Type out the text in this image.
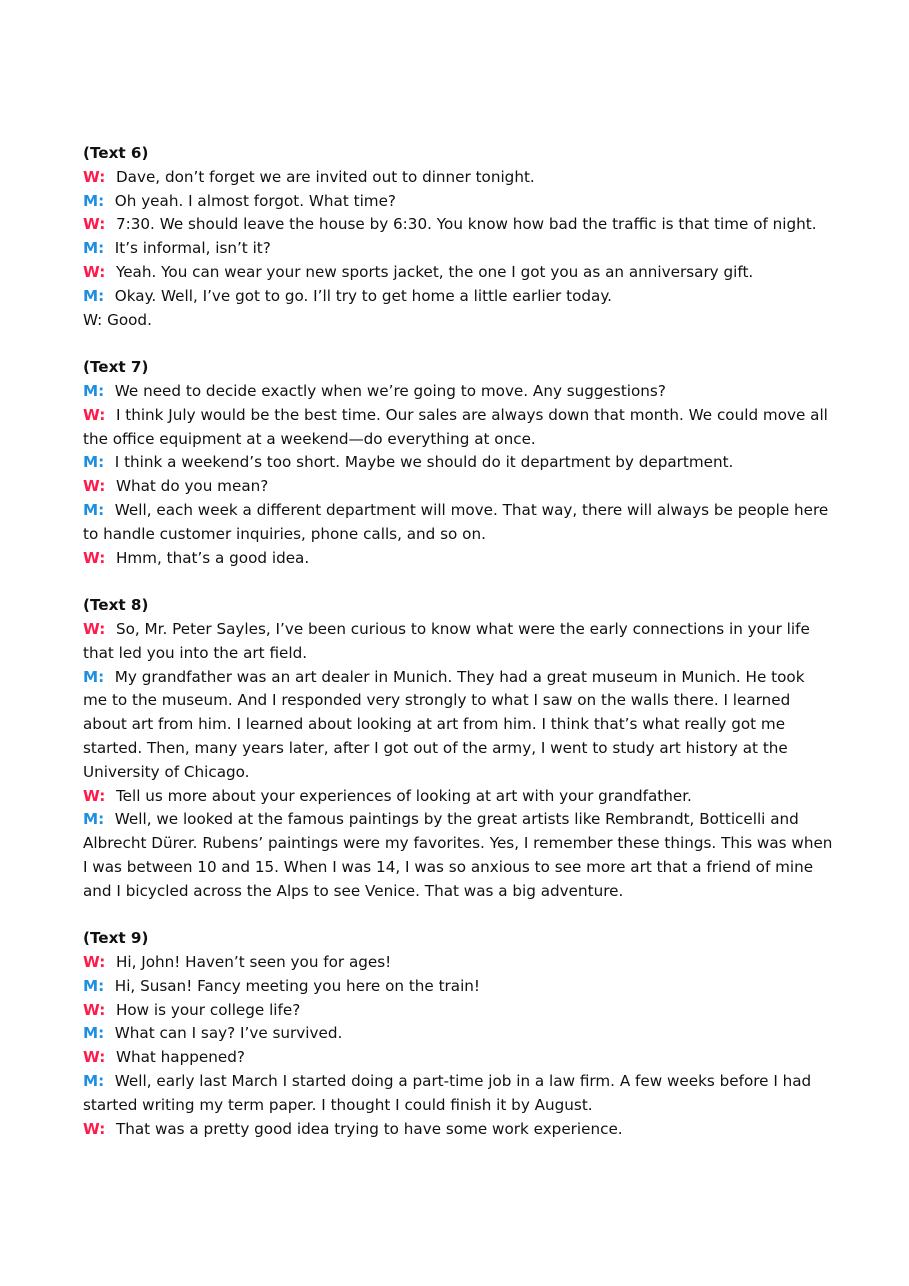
(Text 6)

W:  Dave, don’t forget we are invited out to dinner tonight.

M:  Oh yeah. I almost forgot. What time?

W:  7:30. We should leave the house by 6:30. You know how bad the traffic is that time of night.

M:  It’s informal, isn’t it?

W:  Yeah. You can wear your new sports jacket, the one I got you as an anniversary gift.

M:  Okay. Well, I’ve got to go. I’ll try to get home a little earlier today.

W: Good.

(Text 7)

M:  We need to decide exactly when we’re going to move. Any suggestions?

W:  I think July would be the best time. Our sales are always down that month. We could move all the office equipment at a weekend—do everything at once.

M:  I think a weekend’s too short. Maybe we should do it department by department.

W:  What do you mean?

M:  Well, each week a different department will move. That way, there will always be people here to handle customer inquiries, phone calls, and so on.

W:  Hmm, that’s a good idea.

(Text 8)

W:  So, Mr. Peter Sayles, I’ve been curious to know what were the early connections in your life that led you into the art field.

M:  My grandfather was an art dealer in Munich. They had a great museum in Munich. He took me to the museum. And I responded very strongly to what I saw on the walls there. I learned about art from him. I learned about looking at art from him. I think that’s what really got me started. Then, many years later, after I got out of the army, I went to study art history at the University of Chicago.

W:  Tell us more about your experiences of looking at art with your grandfather.

M:  Well, we looked at the famous paintings by the great artists like Rembrandt, Botticelli and Albrecht Dürer. Rubens’ paintings were my favorites. Yes, I remember these things. This was when I was between 10 and 15. When I was 14, I was so anxious to see more art that a friend of mine and I bicycled across the Alps to see Venice. That was a big adventure.

(Text 9)

W:  Hi, John! Haven’t seen you for ages!

M:  Hi, Susan! Fancy meeting you here on the train!

W:  How is your college life?

M:  What can I say? I’ve survived.

W:  What happened?

M:  Well, early last March I started doing a part-time job in a law firm. A few weeks before I had started writing my term paper. I thought I could finish it by August.

W:  That was a pretty good idea trying to have some work experience.
